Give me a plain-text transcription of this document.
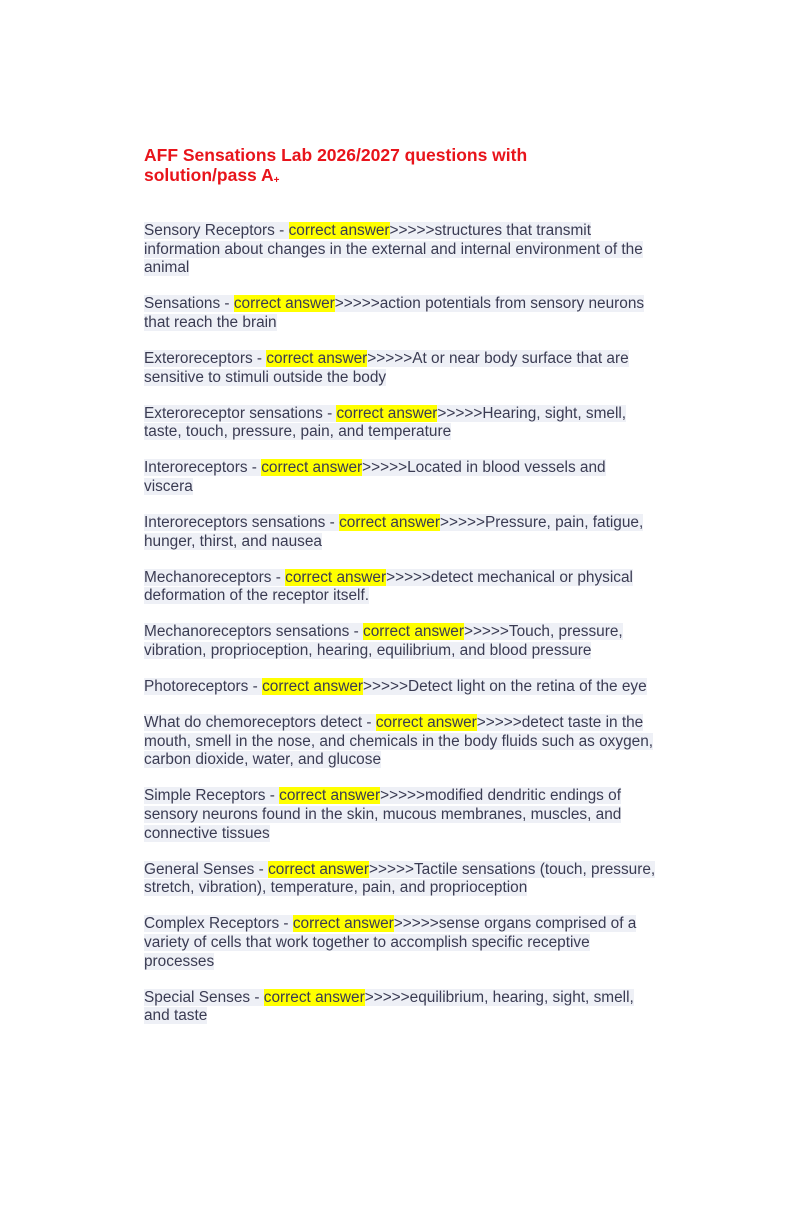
AFF Sensations Lab 2026/2027 questions with solution/pass A+
Sensory Receptors - correct answer>>>>>structures that transmit information about changes in the external and internal environment of the animal
Sensations - correct answer>>>>>action potentials from sensory neurons that reach the brain
Exteroreceptors - correct answer>>>>>At or near body surface that are sensitive to stimuli outside the body
Exteroreceptor sensations - correct answer>>>>>Hearing, sight, smell, taste, touch, pressure, pain, and temperature
Interoreceptors - correct answer>>>>>Located in blood vessels and viscera
Interoreceptors sensations - correct answer>>>>>Pressure, pain, fatigue, hunger, thirst, and nausea
Mechanoreceptors - correct answer>>>>>detect mechanical or physical deformation of the receptor itself.
Mechanoreceptors sensations - correct answer>>>>>Touch, pressure, vibration, proprioception, hearing, equilibrium, and blood pressure
Photoreceptors - correct answer>>>>>Detect light on the retina of the eye
What do chemoreceptors detect - correct answer>>>>>detect taste in the mouth, smell in the nose, and chemicals in the body fluids such as oxygen, carbon dioxide, water, and glucose
Simple Receptors - correct answer>>>>>modified dendritic endings of sensory neurons found in the skin, mucous membranes, muscles, and connective tissues
General Senses - correct answer>>>>>Tactile sensations (touch, pressure, stretch, vibration), temperature, pain, and proprioception
Complex Receptors - correct answer>>>>>sense organs comprised of a variety of cells that work together to accomplish specific receptive processes
Special Senses - correct answer>>>>>equilibrium, hearing, sight, smell, and taste
